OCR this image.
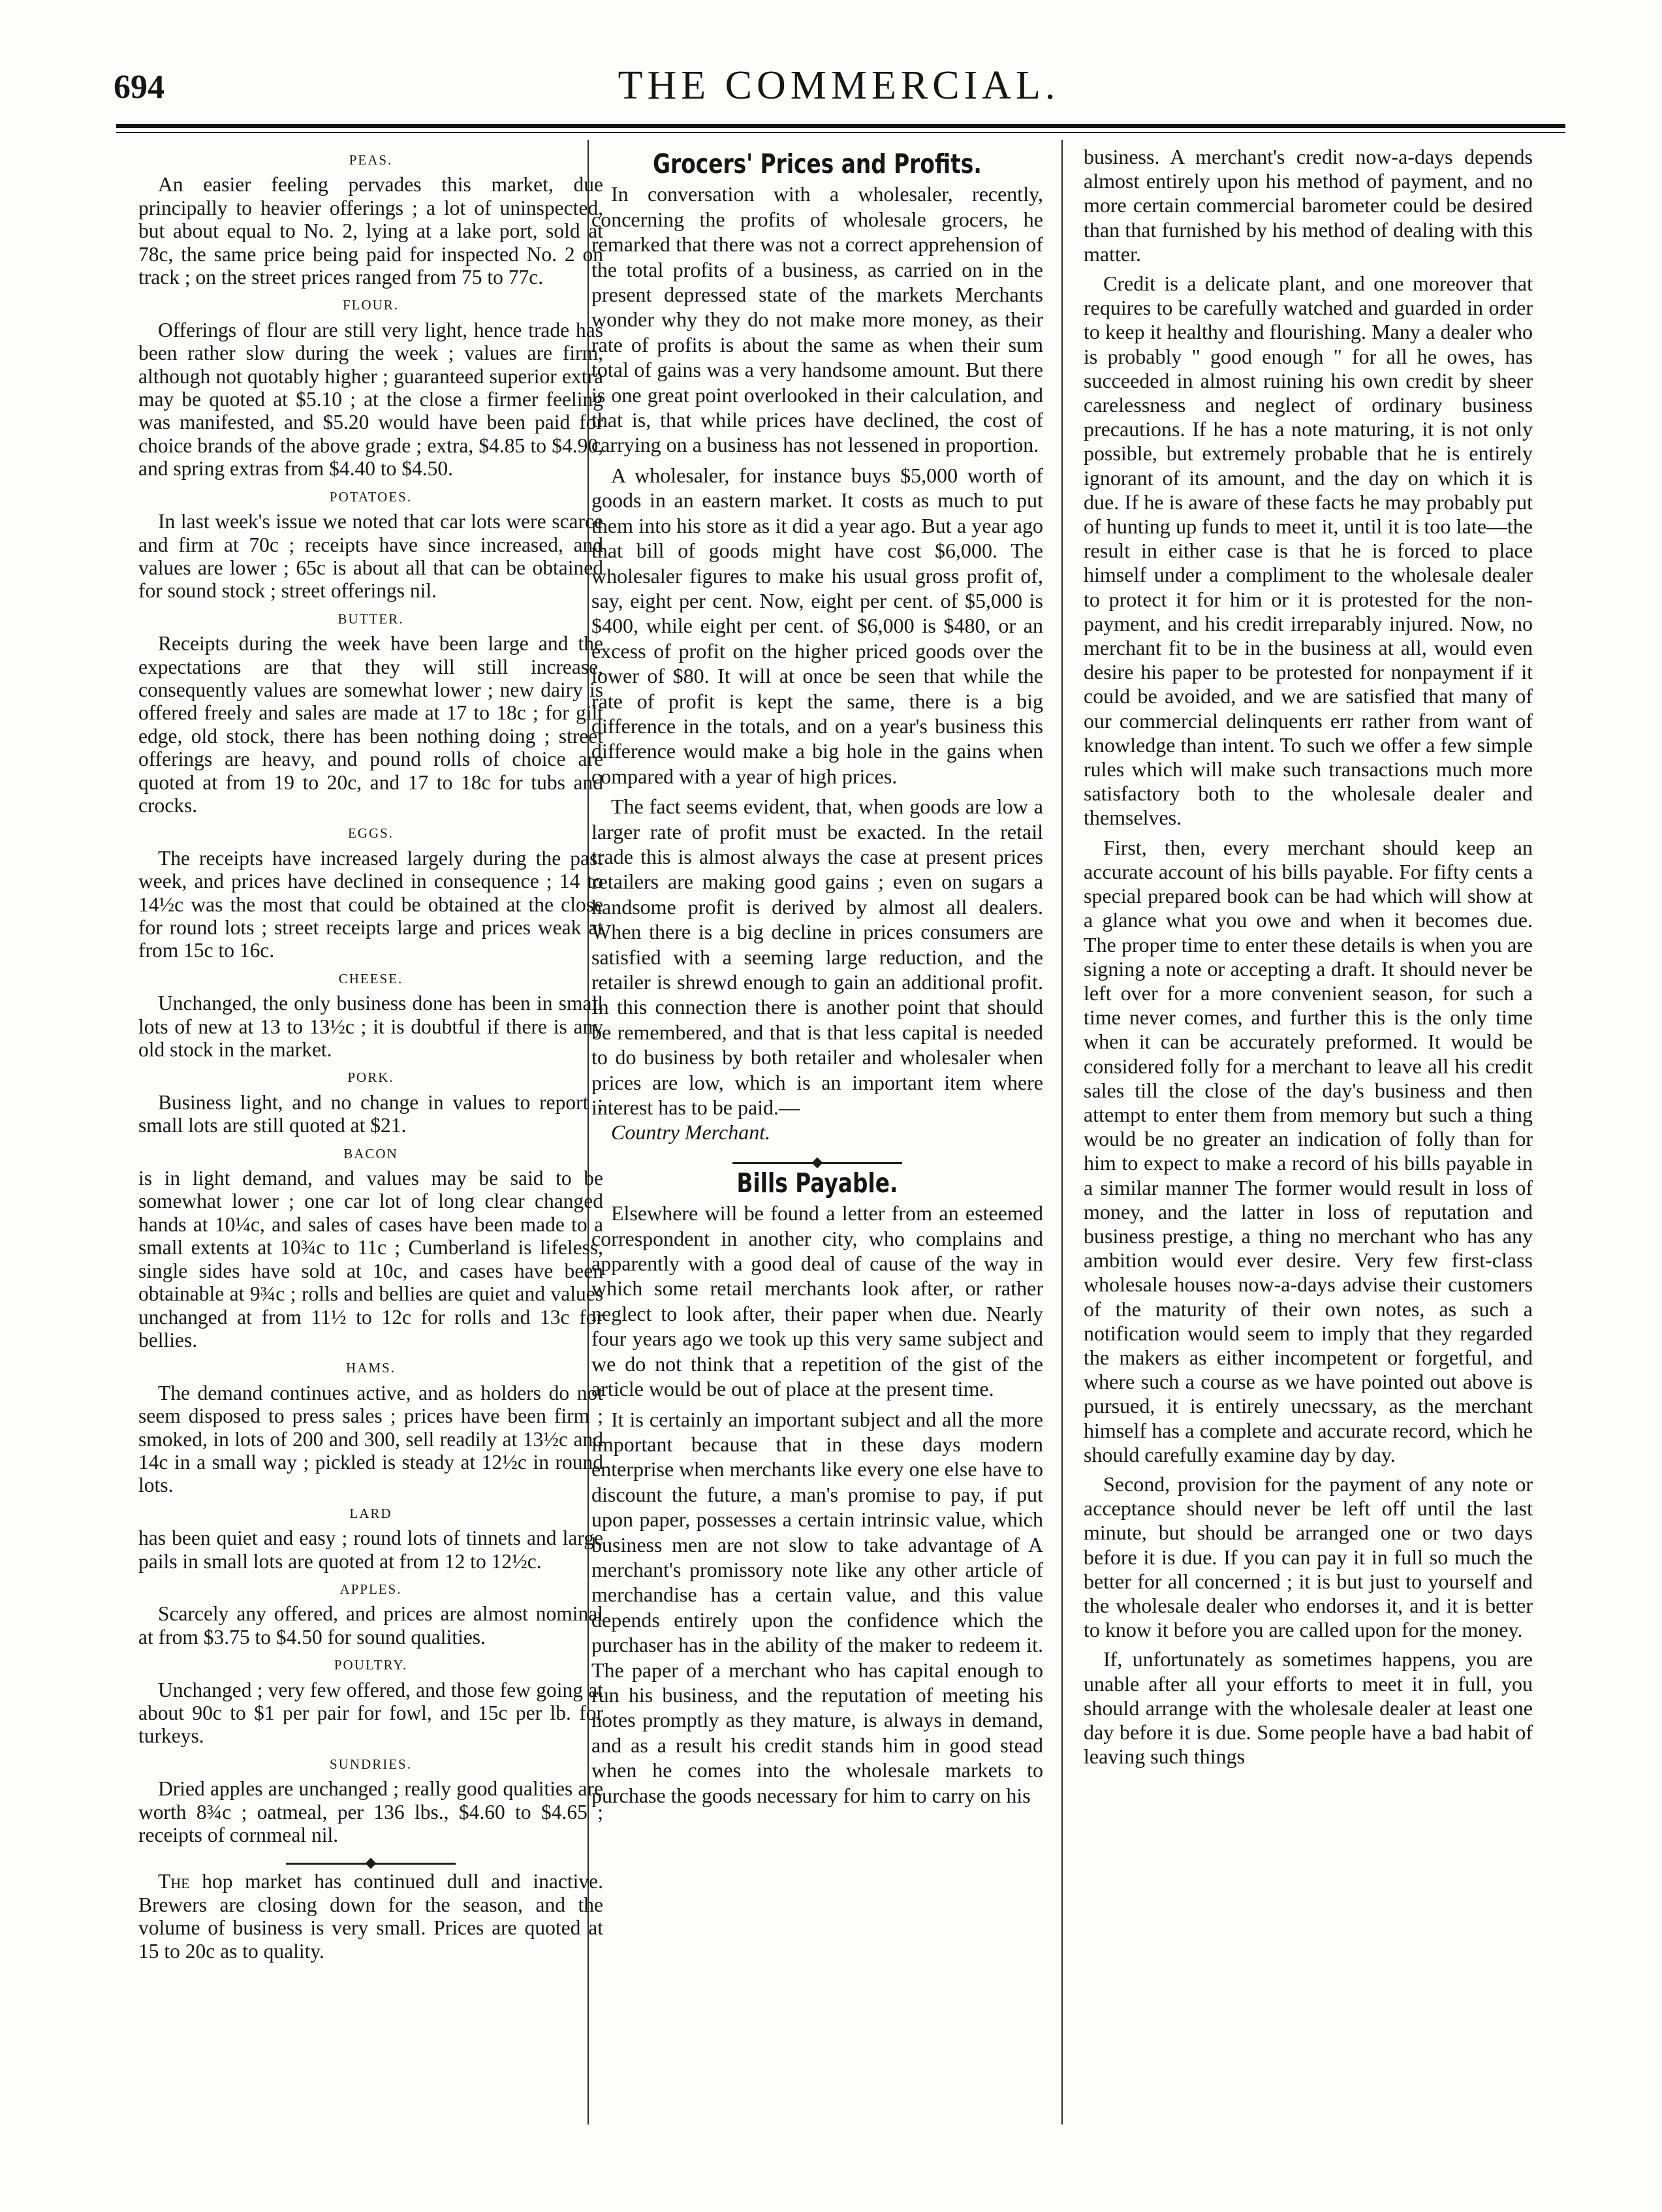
694	THE COMMERCIAL.
PEAS.

An easier feeling pervades this market, due principally to heavier offerings ; a lot of uninspected, but about equal to No. 2, lying at a lake port, sold at 78c, the same price being paid for inspected No. 2 on track ; on the street prices ranged from 75 to 77c.

FLOUR.

Offerings of flour are still very light, hence trade has been rather slow during the week ; values are firm, although not quotably higher ; guaranteed superior extra may be quoted at $5.10 ; at the close a firmer feeling was manifested, and $5.20 would have been paid for choice brands of the above grade ; extra, $4.85 to $4.90, and spring extras from $4.40 to $4.50.

POTATOES.

In last week's issue we noted that car lots were scarce and firm at 70c ; receipts have since increased, and values are lower ; 65c is about all that can be obtained for sound stock ; street offerings nil.

BUTTER.

Receipts during the week have been large and the expectations are that they will still increase, consequently values are somewhat lower ; new dairy is offered freely and sales are made at 17 to 18c ; for gilt edge, old stock, there has been nothing doing ; street offerings are heavy, and pound rolls of choice are quoted at from 19 to 20c, and 17 to 18c for tubs and crocks.

EGGS.

The receipts have increased largely during the past week, and prices have declined in consequence ; 14 to 14½c was the most that could be obtained at the close for round lots ; street receipts large and prices weak at from 15c to 16c.

CHEESE.

Unchanged, the only business done has been in small lots of new at 13 to 13½c ; it is doubtful if there is any old stock in the market.

PORK.

Business light, and no change in values to report ; small lots are still quoted at $21.

BACON

is in light demand, and values may be said to be somewhat lower ; one car lot of long clear changed hands at 10¼c, and sales of cases have been made to a small extents at 10¾c to 11c ; Cumberland is lifeless, single sides have sold at 10c, and cases have been obtainable at 9¾c ; rolls and bellies are quiet and values unchanged at from 11½ to 12c for rolls and 13c for bellies.

HAMS.

The demand continues active, and as holders do not seem disposed to press sales ; prices have been firm ; smoked, in lots of 200 and 300, sell readily at 13½c and 14c in a small way ; pickled is steady at 12½c in round lots.

LARD

has been quiet and easy ; round lots of tinnets and large pails in small lots are quoted at from 12 to 12½c.

APPLES.

Scarcely any offered, and prices are almost nominal at from $3.75 to $4.50 for sound qualities.

POULTRY.

Unchanged ; very few offered, and those few going at about 90c to $1 per pair for fowl, and 15c per lb. for turkeys.

SUNDRIES.

Dried apples are unchanged ; really good qualities are worth 8¾c ; oatmeal, per 136 lbs., $4.60 to $4.65 ; receipts of cornmeal nil.

The hop market has continued dull and inactive. Brewers are closing down for the season, and the volume of business is very small. Prices are quoted at 15 to 20c as to quality.

Grocers' Prices and Profits.

In conversation with a wholesaler, recently, concerning the profits of wholesale grocers, he remarked that there was not a correct apprehension of the total profits of a business, as carried on in the present depressed state of the markets Merchants wonder why they do not make more money, as their rate of profits is about the same as when their sum total of gains was a very handsome amount. But there is one great point overlooked in their calculation, and that is, that while prices have declined, the cost of carrying on a business has not lessened in proportion.

A wholesaler, for instance buys $5,000 worth of goods in an eastern market. It costs as much to put them into his store as it did a year ago. But a year ago that bill of goods might have cost $6,000. The wholesaler figures to make his usual gross profit of, say, eight per cent. Now, eight per cent. of $5,000 is $400, while eight per cent. of $6,000 is $480, or an excess of profit on the higher priced goods over the lower of $80. It will at once be seen that while the rate of profit is kept the same, there is a big difference in the totals, and on a year's business this difference would make a big hole in the gains when compared with a year of high prices.

The fact seems evident, that, when goods are low a larger rate of profit must be exacted. In the retail trade this is almost always the case at present prices retailers are making good gains ; even on sugars a handsome profit is derived by almost all dealers. When there is a big decline in prices consumers are satisfied with a seeming large reduction, and the retailer is shrewd enough to gain an additional profit. In this connection there is another point that should be remembered, and that is that less capital is needed to do business by both retailer and wholesaler when prices are low, which is an important item where interest has to be paid.—

Country Merchant.
Bills Payable.

Elsewhere will be found a letter from an esteemed correspondent in another city, who complains and apparently with a good deal of cause of the way in which some retail merchants look after, or rather neglect to look after, their paper when due. Nearly four years ago we took up this very same subject and we do not think that a repetition of the gist of the article would be out of place at the present time.

It is certainly an important subject and all the more important because that in these days modern enterprise when merchants like every one else have to discount the future, a man's promise to pay, if put upon paper, possesses a certain intrinsic value, which business men are not slow to take advantage of A merchant's promissory note like any other article of merchandise has a certain value, and this value depends entirely upon the confidence which the purchaser has in the ability of the maker to redeem it. The paper of a merchant who has capital enough to run his business, and the reputation of meeting his notes promptly as they mature, is always in demand, and as a result his credit stands him in good stead when he comes into the wholesale markets to purchase the goods necessary for him to carry on his

business. A merchant's credit now-a-days depends almost entirely upon his method of payment, and no more certain commercial barometer could be desired than that furnished by his method of dealing with this matter.

Credit is a delicate plant, and one moreover that requires to be carefully watched and guarded in order to keep it healthy and flourishing. Many a dealer who is probably " good enough " for all he owes, has succeeded in almost ruining his own credit by sheer carelessness and neglect of ordinary business precautions. If he has a note maturing, it is not only possible, but extremely probable that he is entirely ignorant of its amount, and the day on which it is due. If he is aware of these facts he may probably put of hunting up funds to meet it, until it is too late—the result in either case is that he is forced to place himself under a compliment to the wholesale dealer to protect it for him or it is protested for the non-payment, and his credit irreparably injured. Now, no merchant fit to be in the business at all, would even desire his paper to be protested for nonpayment if it could be avoided, and we are satisfied that many of our commercial delinquents err rather from want of knowledge than intent. To such we offer a few simple rules which will make such transactions much more satisfactory both to the wholesale dealer and themselves.

First, then, every merchant should keep an accurate account of his bills payable. For fifty cents a special prepared book can be had which will show at a glance what you owe and when it becomes due. The proper time to enter these details is when you are signing a note or accepting a draft. It should never be left over for a more convenient season, for such a time never comes, and further this is the only time when it can be accurately preformed. It would be considered folly for a merchant to leave all his credit sales till the close of the day's business and then attempt to enter them from memory but such a thing would be no greater an indication of folly than for him to expect to make a record of his bills payable in a similar manner The former would result in loss of money, and the latter in loss of reputation and business prestige, a thing no merchant who has any ambition would ever desire. Very few first-class wholesale houses now-a-days advise their customers of the maturity of their own notes, as such a notification would seem to imply that they regarded the makers as either incompetent or forgetful, and where such a course as we have pointed out above is pursued, it is entirely unecssary, as the merchant himself has a complete and accurate record, which he should carefully examine day by day.

Second, provision for the payment of any note or acceptance should never be left off until the last minute, but should be arranged one or two days before it is due. If you can pay it in full so much the better for all concerned ; it is but just to yourself and the wholesale dealer who endorses it, and it is better to know it before you are called upon for the money.

If, unfortunately as sometimes happens, you are unable after all your efforts to meet it in full, you should arrange with the wholesale dealer at least one day before it is due. Some people have a bad habit of leaving such things
